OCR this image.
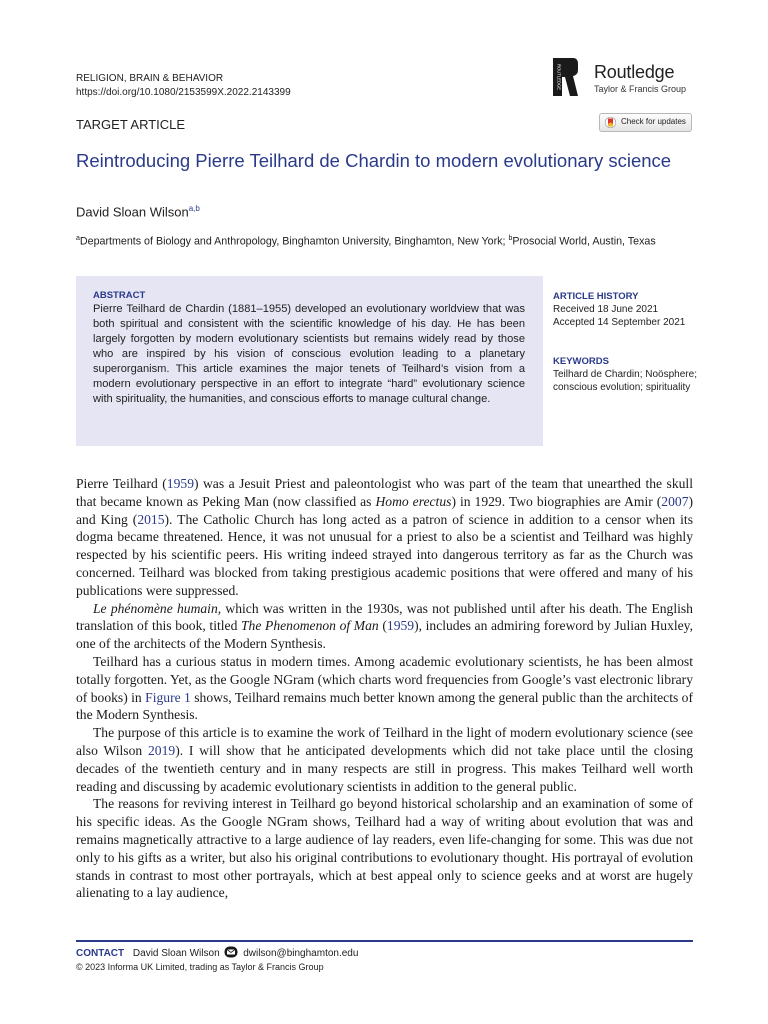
RELIGION, BRAIN & BEHAVIOR
https://doi.org/10.1080/2153599X.2022.2143399
ROUTLEDGE Routledge
Taylor & Francis Group
TARGET ARTICLE	Check for updates
Reintroducing Pierre Teilhard de Chardin to modern evolutionary science
David Sloan Wilson$^{a,b}$
$^a$Departments of Biology and Anthropology, Binghamton University, Binghamton, New York; $^b$Prosocial World, Austin, Texas
ABSTRACT
Pierre Teilhard de Chardin (1881–1955) developed an evolutionary worldview that was both spiritual and consistent with the scientific knowledge of his day. He has been largely forgotten by modern evolutionary scientists but remains widely read by those who are inspired by his vision of conscious evolution leading to a planetary superorganism. This article examines the major tenets of Teilhard’s vision from a modern evolutionary perspective in an effort to integrate “hard” evolutionary science with spirituality, the humanities, and conscious efforts to manage cultural change.
ARTICLE HISTORY
Received 18 June 2021
Accepted 14 September 2021
KEYWORDS
Teilhard de Chardin; Noösphere; conscious evolution; spirituality

Pierre Teilhard (1959) was a Jesuit Priest and paleontologist who was part of the team that unearthed the skull that became known as Peking Man (now classified as Homo erectus) in 1929. Two biographies are Amir (2007) and King (2015). The Catholic Church has long acted as a patron of science in addition to a censor when its dogma became threatened. Hence, it was not unusual for a priest to also be a scientist and Teilhard was highly respected by his scientific peers. His writing indeed strayed into dangerous territory as far as the Church was concerned. Teilhard was blocked from taking prestigious academic positions that were offered and many of his publications were suppressed.

Le phénomène humain, which was written in the 1930s, was not published until after his death. The English translation of this book, titled The Phenomenon of Man (1959), includes an admiring foreword by Julian Huxley, one of the architects of the Modern Synthesis.

Teilhard has a curious status in modern times. Among academic evolutionary scientists, he has been almost totally forgotten. Yet, as the Google NGram (which charts word frequencies from Google’s vast electronic library of books) in Figure 1 shows, Teilhard remains much better known among the general public than the architects of the Modern Synthesis.

The purpose of this article is to examine the work of Teilhard in the light of modern evolutionary science (see also Wilson 2019). I will show that he anticipated developments which did not take place until the closing decades of the twentieth century and in many respects are still in progress. This makes Teilhard well worth reading and discussing by academic evolutionary scientists in addition to the general public.

The reasons for reviving interest in Teilhard go beyond historical scholarship and an examination of some of his specific ideas. As the Google NGram shows, Teilhard had a way of writing about evolution that was and remains magnetically attractive to a large audience of lay readers, even life-changing for some. This was due not only to his gifts as a writer, but also his original contributions to evolutionary thought. His portrayal of evolution stands in contrast to most other portrayals, which at best appeal only to science geeks and at worst are hugely alienating to a lay audience,

CONTACT David Sloan Wilson dwilson@binghamton.edu
© 2023 Informa UK Limited, trading as Taylor & Francis Group
